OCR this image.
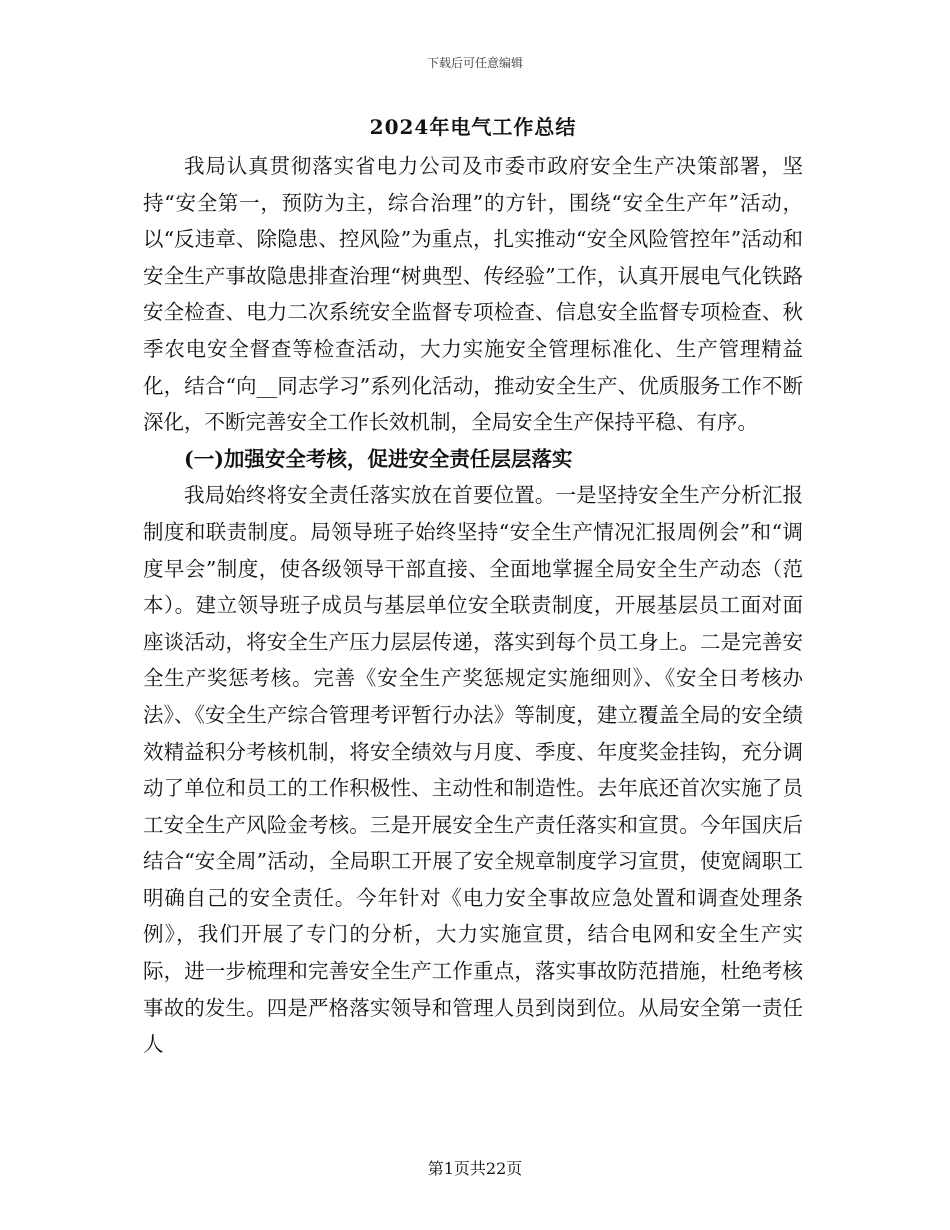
下载后可任意编辑
2024年电气工作总结

我局认真贯彻落实省电力公司及市委市政府安全生产决策部署，坚持“安全第一，预防为主，综合治理”的方针，围绕“安全生产年”活动，以“反违章、除隐患、控风险”为重点，扎实推动“安全风险管控年”活动和安全生产事故隐患排查治理“树典型、传经验”工作，认真开展电气化铁路安全检查、电力二次系统安全监督专项检查、信息安全监督专项检查、秋季农电安全督查等检查活动，大力实施安全管理标准化、生产管理精益化，结合“向__同志学习”系列化活动，推动安全生产、优质服务工作不断深化，不断完善安全工作长效机制，全局安全生产保持平稳、有序。

(一)加强安全考核，促进安全责任层层落实

我局始终将安全责任落实放在首要位置。一是坚持安全生产分析汇报制度和联责制度。局领导班子始终坚持“安全生产情况汇报周例会”和“调度早会”制度，使各级领导干部直接、全面地掌握全局安全生产动态（范本）。建立领导班子成员与基层单位安全联责制度，开展基层员工面对面座谈活动，将安全生产压力层层传递，落实到每个员工身上。二是完善安全生产奖惩考核。完善《安全生产奖惩规定实施细则》、《安全日考核办法》、《安全生产综合管理考评暂行办法》等制度，建立覆盖全局的安全绩效精益积分考核机制，将安全绩效与月度、季度、年度奖金挂钩，充分调动了单位和员工的工作积极性、主动性和制造性。去年底还首次实施了员工安全生产风险金考核。三是开展安全生产责任落实和宣贯。今年国庆后结合“安全周”活动，全局职工开展了安全规章制度学习宣贯，使宽阔职工明确自己的安全责任。今年针对《电力安全事故应急处置和调查处理条例》，我们开展了专门的分析，大力实施宣贯，结合电网和安全生产实际，进一步梳理和完善安全生产工作重点，落实事故防范措施，杜绝考核事故的发生。四是严格落实领导和管理人员到岗到位。从局安全第一责任人

第1页共22页
